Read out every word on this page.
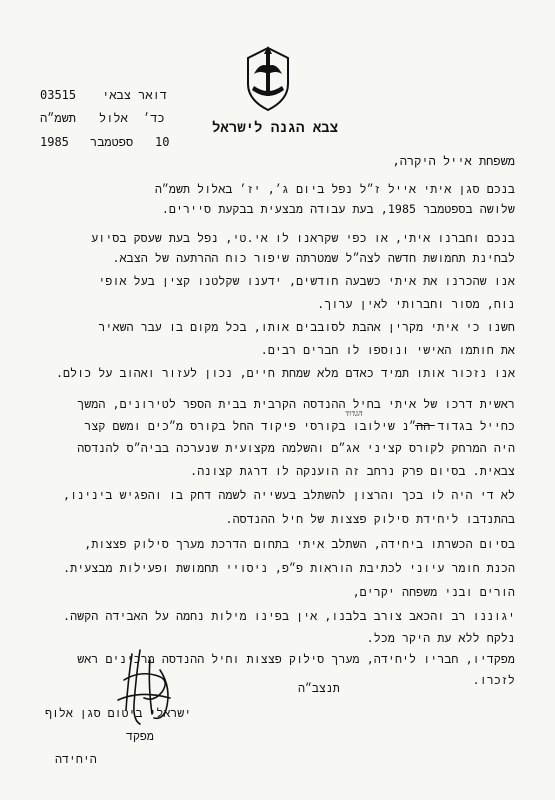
צבא הגנה לישראל
03515	דואר צבאי
תשמ״ה אלול כד׳
1985 ספטמבר 10
משפחת אייל היקרה,
בנכם סגן איתי אייל ז״ל נפל ביום ג׳, יז׳ באלול תשמ״ה
שלושה בספטמבר 1985, בעת עבודה מבצעית בבקעת סיירים.
בנכם וחברנו איתי, או כפי שקראנו לו אי.טי, נפל בעת שעסק בסיוע
לבחינת תחמושת חדשה לצה״ל שמטרתה שיפור כוח ההרתעה של הצבא.
אנו שהכרנו את איתי כשבעה חודשים, ידענו שקלטנו קצין בעל אופי
נוח, מסור וחברותי לאין ערוך.
חשנו כי איתי מקרין אהבת לסובבים אותו, בכל מקום בו עבר השאיר
את חותמו האישי ונוספו לו חברים רבים.
אנו נזכור אותו תמיד כאדם מלא שמחת חיים, נכון לעזור ואהוב על כולם.
ראשית דרכו של איתי בחיל ההנדסה הקרבית בבית הספר לטירונים, המשך
הגדוד
כחייל בגדוד הה״נ שילובו בקורסי פיקוד החל בקורס מ״כים ומשם קצר
היה המרחק לקורס קציני אג״ם והשלמה מקצועית שנערכה בביה״ס להנדסה
צבאית. בסיום פרק נרחב זה הוענקה לו דרגת קצונה.
לא די היה לו בכך והרצון להשתלב בעשייה לשמה דחק בו והפגיש בינינו,
בהתנדבו ליחידת סילוק פצצות של חיל ההנדסה.
בסיום הכשרתו ביחידה, השתלב איתי בתחום הדרכת מערך סילוק פצצות,
הכנת חומר עיוני לכתיבת הוראות פ״פ, ניסויי תחמושת ופעילות מבצעית.
הורים ובני משפחה יקרים,
יגוננו רב והכאב צורב בלבנו, אין בפינו מילות נחמה על האבידה הקשה.
נלקח ללא עת היקר מכל.
מפקדיו, חבריו ליחידה, מערך סילוק פצצות וחיל ההנדסה מרכינים ראש
לזכרו.
תנצב״ה
ישראלי ביטום סגן אלוף
מפקד
היחידה
